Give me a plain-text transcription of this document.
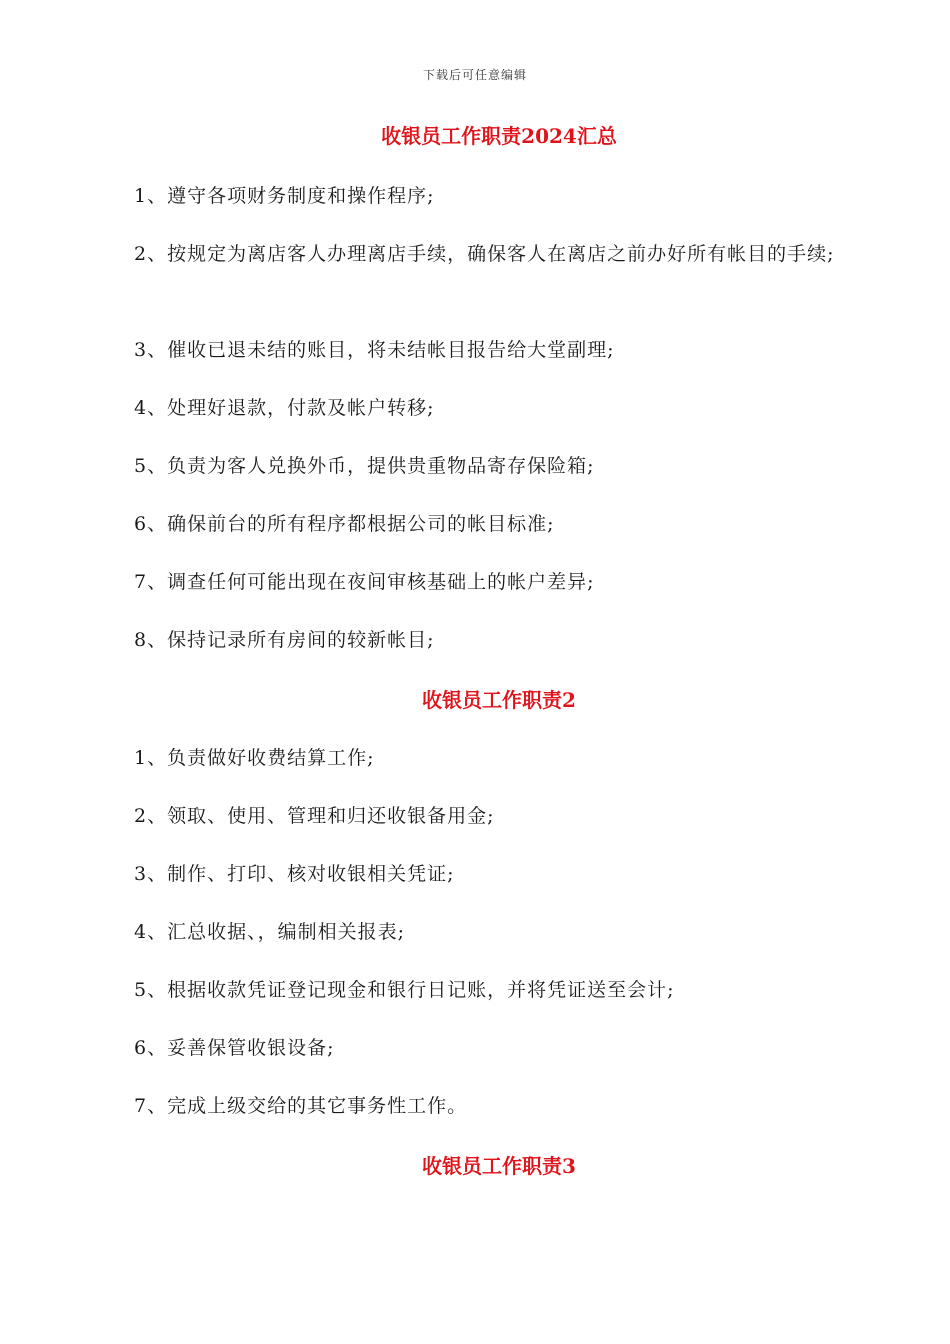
下载后可任意编辑
收银员工作职责2024汇总

1、遵守各项财务制度和操作程序;

2、按规定为离店客人办理离店手续，确保客人在离店之前办好所有帐目的手续;

3、催收已退未结的账目，将未结帐目报告给大堂副理;

4、处理好退款，付款及帐户转移;

5、负责为客人兑换外币，提供贵重物品寄存保险箱;

6、确保前台的所有程序都根据公司的帐目标准;

7、调查任何可能出现在夜间审核基础上的帐户差异;

8、保持记录所有房间的较新帐目;

收银员工作职责2

1、负责做好收费结算工作;

2、领取、使用、管理和归还收银备用金;

3、制作、打印、核对收银相关凭证;

4、汇总收据、，编制相关报表;

5、根据收款凭证登记现金和银行日记账，并将凭证送至会计;

6、妥善保管收银设备;

7、完成上级交给的其它事务性工作。

收银员工作职责3
